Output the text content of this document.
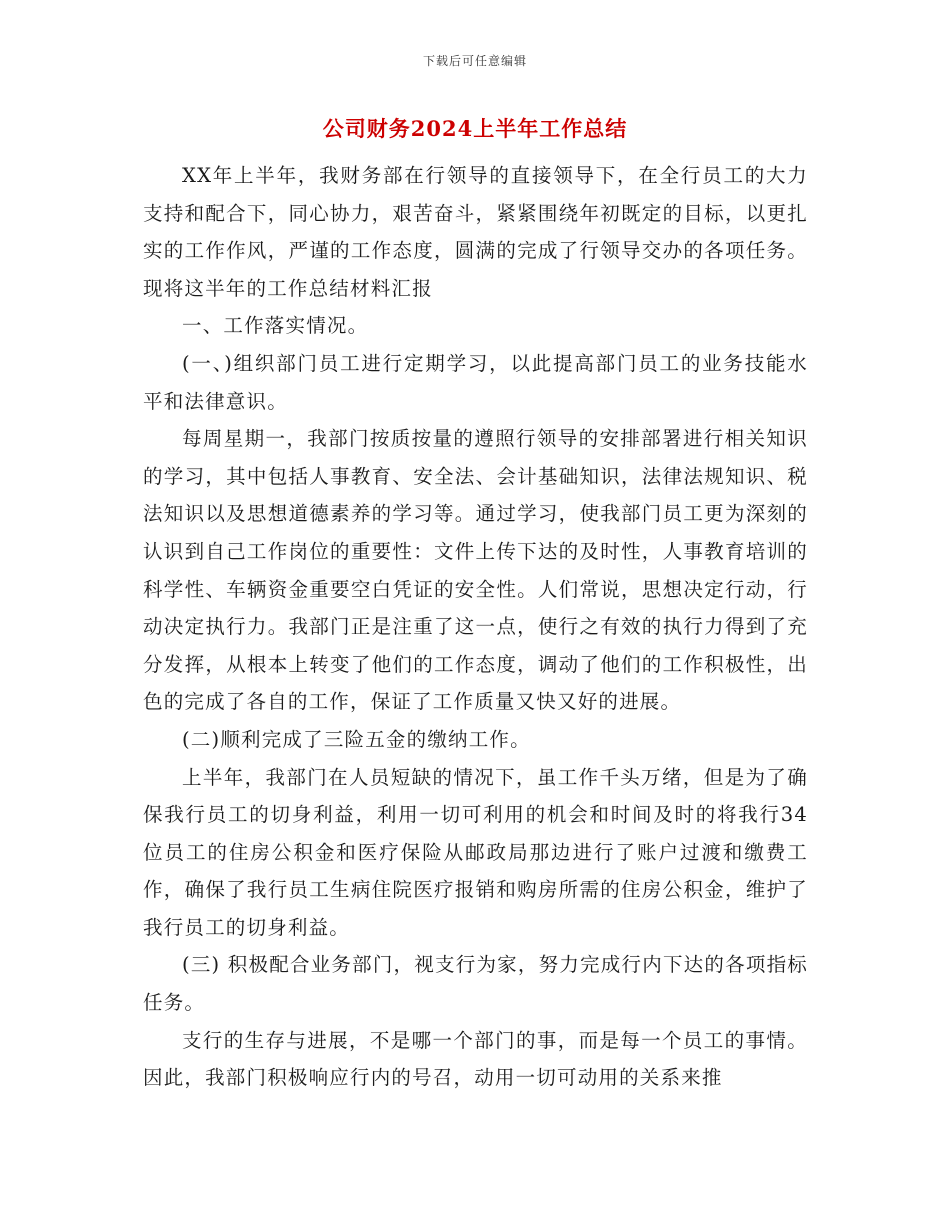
下载后可任意编辑
公司财务2024上半年工作总结

XX年上半年，我财务部在行领导的直接领导下，在全行员工的大力支持和配合下，同心协力，艰苦奋斗，紧紧围绕年初既定的目标，以更扎实的工作作风，严谨的工作态度，圆满的完成了行领导交办的各项任务。现将这半年的工作总结材料汇报

一、工作落实情况。

(一、)组织部门员工进行定期学习，以此提高部门员工的业务技能水平和法律意识。

每周星期一，我部门按质按量的遵照行领导的安排部署进行相关知识的学习，其中包括人事教育、安全法、会计基础知识，法律法规知识、税法知识以及思想道德素养的学习等。通过学习，使我部门员工更为深刻的认识到自己工作岗位的重要性：文件上传下达的及时性，人事教育培训的科学性、车辆资金重要空白凭证的安全性。人们常说，思想决定行动，行动决定执行力。我部门正是注重了这一点，使行之有效的执行力得到了充分发挥，从根本上转变了他们的工作态度，调动了他们的工作积极性，出色的完成了各自的工作，保证了工作质量又快又好的进展。

(二)顺利完成了三险五金的缴纳工作。

上半年，我部门在人员短缺的情况下，虽工作千头万绪，但是为了确保我行员工的切身利益，利用一切可利用的机会和时间及时的将我行34位员工的住房公积金和医疗保险从邮政局那边进行了账户过渡和缴费工作，确保了我行员工生病住院医疗报销和购房所需的住房公积金，维护了我行员工的切身利益。

(三) 积极配合业务部门，视支行为家，努力完成行内下达的各项指标任务。

支行的生存与进展，不是哪一个部门的事，而是每一个员工的事情。因此，我部门积极响应行内的号召，动用一切可动用的关系来推
